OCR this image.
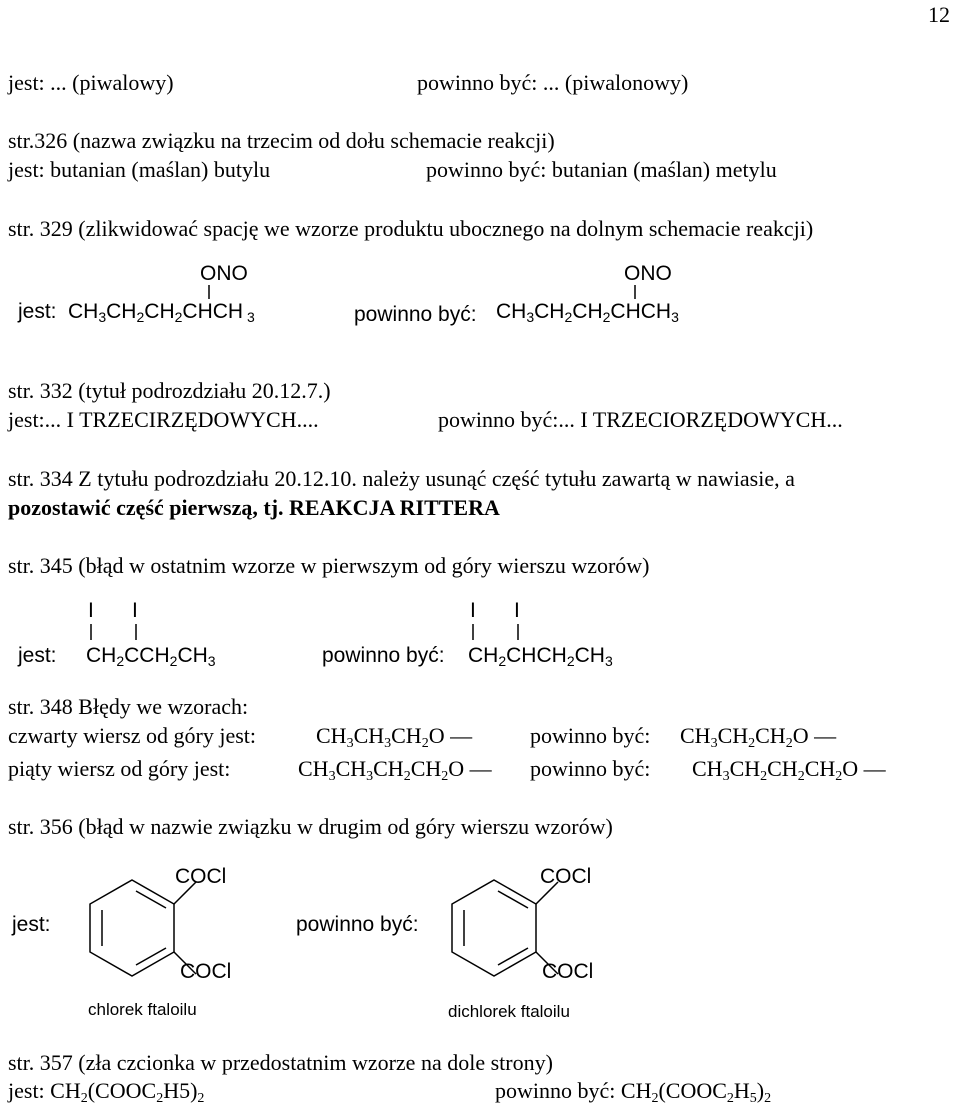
12
jest: ... (piwalowy)	powinno być: ... (piwalonowy)
str.326 (nazwa związku na trzecim od dołu schemacie reakcji)
jest: butanian (maślan) butylu	powinno być: butanian (maślan) metylu
str. 329 (zlikwidować spację we wzorze produktu ubocznego na dolnym schemacie reakcji)
ONO
jest: $CH_3CH_2CH_2CHCH$ $_3$
ONO
powinno być: $CH_3CH_2CH_2CHCH_3$
str. 332 (tytuł podrozdziału 20.12.7.)
jest:... I TRZECIRZĘDOWYCH....	powinno być:... I TRZECIORZĘDOWYCH...
str. 334 Z tytułu podrozdziału 20.12.10. należy usunąć część tytułu zawartą w nawiasie, a
pozostawić część pierwszą, tj. REAKCJA RITTERA
str. 345 (błąd w ostatnim wzorze w pierwszym od góry wierszu wzorów)
I I
jest: $CH_2CCH_2CH_3$
I I
powinno być: $CH_2CHCH_2CH_3$
str. 348 Błędy we wzorach:
czwarty wiersz od góry jest:	$CH_3CH_3CH_2O$ —	powinno być: $CH_3CH_2CH_2O$ —
piąty wiersz od góry jest:	$CH_3CH_3CH_2CH_2O$ — powinno być: $CH_3CH_2CH_2CH_2O$ —
str. 356 (błąd w nazwie związku w drugim od góry wierszu wzorów)
jest:
COCl
COCl
chlorek ftaloilu
powinno być:
COCl
COCl
dichlorek ftaloilu
str. 357 (zła czcionka w przedostatnim wzorze na dole strony)
jest: $CH_2(COOC_2H5)_2$	powinno być: $CH_2(COOC_2H_5)_2$
